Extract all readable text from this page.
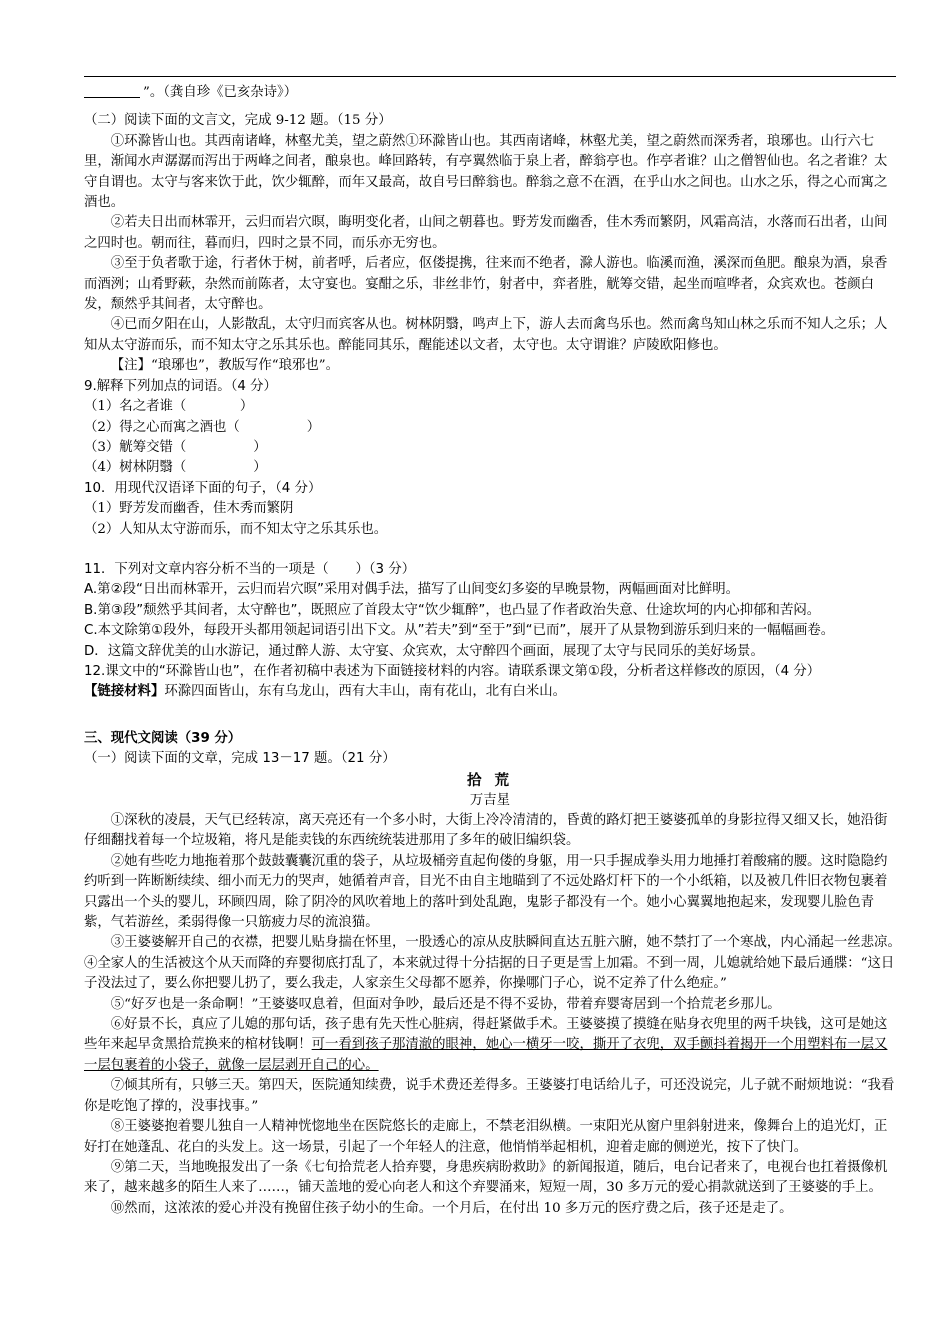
”。（龚自珍《已亥杂诗》）

（二）阅读下面的文言文，完成 9-12 题。（15 分）

①环滁皆山也。其西南诸峰，林壑尤美，望之蔚然①环滁皆山也。其西南诸峰，林壑尤美，望之蔚然而深秀者，琅琊也。山行六七里，渐闻水声潺潺而泻出于两峰之间者，酿泉也。峰回路转，有亭翼然临于泉上者，醉翁亭也。作亭者谁？山之僧智仙也。名之者谁？太守自谓也。太守与客来饮于此，饮少辄醉，而年又最高，故自号曰醉翁也。醉翁之意不在酒，在乎山水之间也。山水之乐，得之心而寓之酒也。

②若夫日出而林霏开，云归而岩穴暝，晦明变化者，山间之朝暮也。野芳发而幽香，佳木秀而繁阴，风霜高洁，水落而石出者，山间之四时也。朝而往，暮而归，四时之景不同，而乐亦无穷也。

③至于负者歌于途，行者休于树，前者呼，后者应，伛偻提携，往来而不绝者，滁人游也。临溪而渔，溪深而鱼肥。酿泉为酒，泉香而酒洌；山肴野蔌，杂然而前陈者，太守宴也。宴酣之乐，非丝非竹，射者中，弈者胜，觥筹交错，起坐而喧哗者，众宾欢也。苍颜白发，颓然乎其间者，太守醉也。

④已而夕阳在山，人影散乱，太守归而宾客从也。树林阴翳，鸣声上下，游人去而禽鸟乐也。然而禽鸟知山林之乐而不知人之乐；人知从太守游而乐，而不知太守之乐其乐也。醉能同其乐，醒能述以文者，太守也。太守谓谁？庐陵欧阳修也。

【注】“琅琊也”，教版写作“琅邪也”。

9.解释下列加点的词语。（4 分）

（1）名之者谁（　　　　）

（2）得之心而寓之酒也（　　　　　）

（3）觥筹交错（　　　　　）

（4）树林阴翳（　　　　　）

10．用现代汉语译下面的句子，（4 分）

（1）野芳发而幽香，佳木秀而繁阴

（2）人知从太守游而乐，而不知太守之乐其乐也。

11．下列对文章内容分析不当的一项是（　　）（3 分）

A.第②段“日出而林霏开，云归而岩穴暝”采用对偶手法，描写了山间变幻多姿的早晚景物，两幅画面对比鲜明。

B.第③段”颓然乎其间者，太守醉也”，既照应了首段太守“饮少辄醉”，也凸显了作者政治失意、仕途坎坷的内心抑郁和苦闷。

C.本文除第①段外，每段开头都用领起词语引出下文。从”若夫”到“至于”到“已而”，展开了从景物到游乐到归来的一幅幅画卷。

D．这篇文辞优美的山水游记，通过醉人游、太守宴、众宾欢，太守醉四个画面，展现了太守与民同乐的美好场景。

12.课文中的“环滁皆山也”，在作者初稿中表述为下面链接材料的内容。请联系课文第①段，分析者这样修改的原因，（4 分）

【链接材料】环滁四面皆山，东有乌龙山，西有大丰山，南有花山，北有白米山。

三、现代文阅读（39 分）

（一）阅读下面的文章，完成 13－17 题。（21 分）

拾 荒

万吉星

①深秋的凌晨，天气已经转凉，离天亮还有一个多小时，大街上冷冷清清的，昏黄的路灯把王婆婆孤单的身影拉得又细又长，她沿街仔细翻找着每一个垃圾箱，将凡是能卖钱的东西统统装进那用了多年的破旧编织袋。

②她有些吃力地拖着那个鼓鼓囊囊沉重的袋子，从垃圾桶旁直起佝偻的身躯，用一只手握成拳头用力地捶打着酸痛的腰。这时隐隐约约听到一阵断断续续、细小而无力的哭声，她循着声音，目光不由自主地瞄到了不远处路灯杆下的一个小纸箱，以及被几件旧衣物包裹着只露出一个头的婴儿，环顾四周，除了阴冷的风吹着地上的落叶到处乱跑，鬼影子都没有一个。她小心翼翼地抱起来，发现婴儿脸色青紫，气若游丝，柔弱得像一只筋疲力尽的流浪猫。

③王婆婆解开自己的衣襟，把婴儿贴身揣在怀里，一股透心的凉从皮肤瞬间直达五脏六腑，她不禁打了一个寒战，内心涌起一丝悲凉。　④全家人的生活被这个从天而降的弃婴彻底打乱了，本来就过得十分拮据的日子更是雪上加霜。不到一周，儿媳就给她下最后通牒：“这日子没法过了，要么你把婴儿扔了，要么我走，人家亲生父母都不愿养，你操哪门子心，说不定养了什么绝症。”

⑤“好歹也是一条命啊！”王婆婆叹息着，但面对争吵，最后还是不得不妥协，带着弃婴寄居到一个拾荒老乡那儿。

⑥好景不长，真应了儿媳的那句话，孩子患有先天性心脏病，得赶紧做手术。王婆婆摸了摸缝在贴身衣兜里的两千块钱，这可是她这些年来起早贪黑拾荒换来的棺材钱啊！可一看到孩子那清澈的眼神，她心一横牙一咬，撕开了衣兜，双手颤抖着揭开一个用塑料布一层又一层包裹着的小袋子，就像一层层剥开自己的心。

⑦倾其所有，只够三天。第四天，医院通知续费，说手术费还差得多。王婆婆打电话给儿子，可还没说完，儿子就不耐烦地说：“我看你是吃饱了撑的，没事找事。”

⑧王婆婆抱着婴儿独自一人精神恍惚地坐在医院悠长的走廊上，不禁老泪纵横。一束阳光从窗户里斜射进来，像舞台上的追光灯，正好打在她蓬乱、花白的头发上。这一场景，引起了一个年轻人的注意，他悄悄举起相机，迎着走廊的侧逆光，按下了快门。

⑨第二天，当地晚报发出了一条《七旬拾荒老人拾弃婴，身患疾病盼救助》的新闻报道，随后，电台记者来了，电视台也扛着摄像机来了，越来越多的陌生人来了……，铺天盖地的爱心向老人和这个弃婴涌来，短短一周，30 多万元的爱心捐款就送到了王婆婆的手上。

⑩然而，这浓浓的爱心并没有挽留住孩子幼小的生命。一个月后，在付出 10 多万元的医疗费之后，孩子还是走了。
